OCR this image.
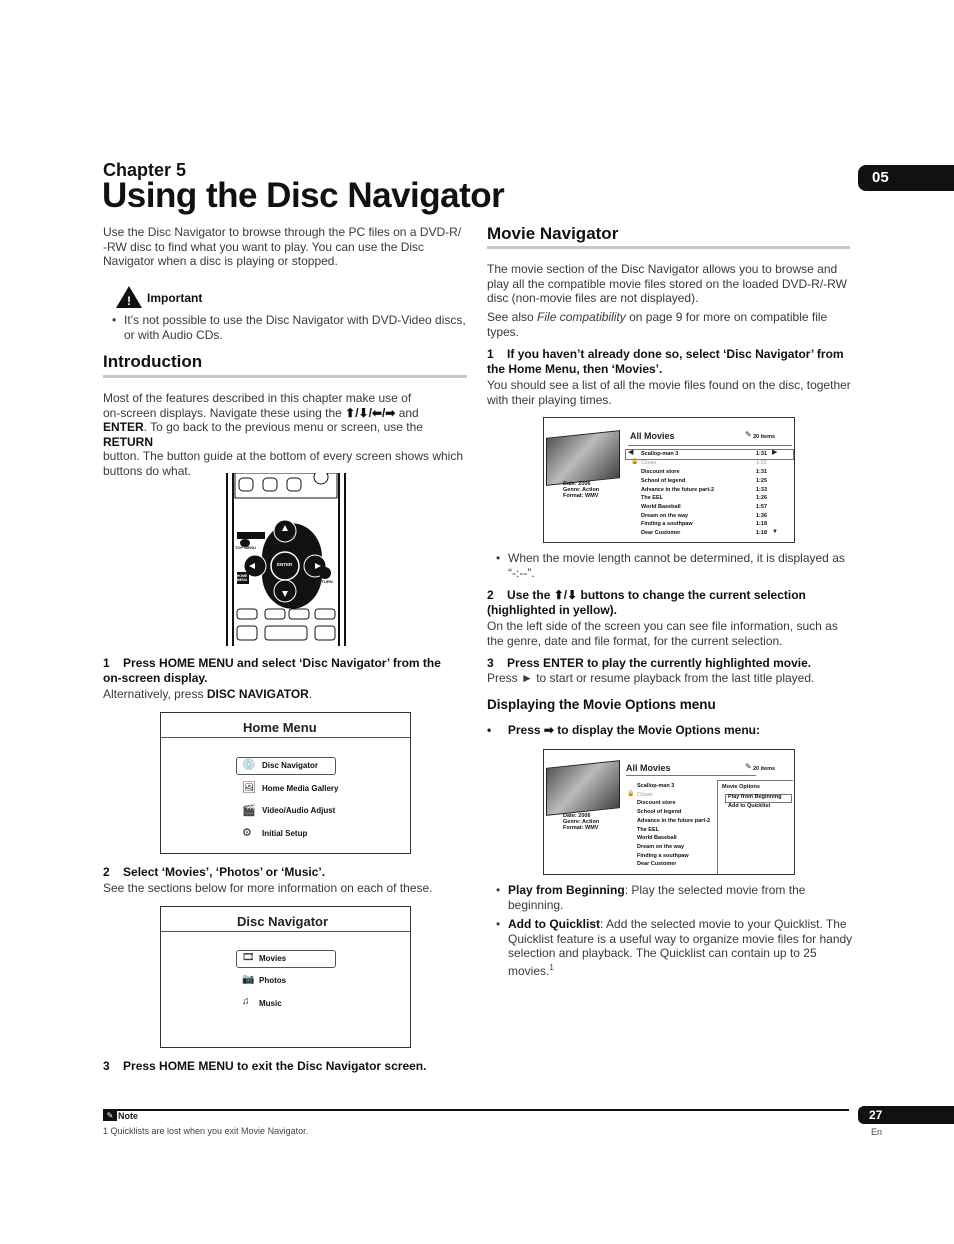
Chapter 5
Using the Disc Navigator	05
Use the Disc Navigator to browse through the PC files on a DVD-R/
-RW disc to find what you want to play. You can use the Disc
Navigator when a disc is playing or stopped.
! Important
• It’s not possible to use the Disc Navigator with DVD-Video discs,
or with Audio CDs.
Introduction
Most of the features described in this chapter make use of
on-screen displays. Navigate these using the ⬆/⬇/⬅/➡ and
ENTER. To go back to the previous menu or screen, use the RETURN
button. The button guide at the bottom of every screen shows which
buttons do what.
DISC NAVIGATOR
TOP MENU
HOME MENU
ENTER
RETURN
1 Press HOME MENU and select ‘Disc Navigator’ from the
on-screen display.
Alternatively, press DISC NAVIGATOR.
Home Menu
💿 Disc Navigator
🖼 Home Media Gallery
🎬 Video/Audio Adjust
⚙ Initial Setup
2 Select ‘Movies’, ‘Photos’ or ‘Music’.
See the sections below for more information on each of these.
Disc Navigator
🎞 Movies
📷 Photos
♫ Music
3 Press HOME MENU to exit the Disc Navigator screen.
Movie Navigator
The movie section of the Disc Navigator allows you to browse and
play all the compatible movie files stored on the loaded DVD-R/-RW
disc (non-movie files are not displayed).
See also File compatibility on page 9 for more on compatible file
types.
1 If you haven’t already done so, select ‘Disc Navigator’ from
the Home Menu, then ‘Movies’.
You should see a list of all the movie files found on the disc, together
with their playing times.
Date: 2006
Genre: Action
Format: WMV
All Movies	✎ 20 items
◀	▶
🔒
Scallop-man 3	1:31
Closer	1:02
Discount store	1:31
School of legend	1:25
Advance in the future part-2	1:33
The EEL	1:26
World Baseball	1:57
Dream on the way	1:36
Finding a southpaw	1:18
Dear Customer	1:18 ▼
• When the movie length cannot be determined, it is displayed as
“-:--”.
2 Use the ⬆/⬇ buttons to change the current selection
(highlighted in yellow).
On the left side of the screen you can see file information, such as
the genre, date and file format, for the current selection.
3 Press ENTER to play the currently highlighted movie.
Press ► to start or resume playback from the last title played.
Displaying the Movie Options menu
• Press ➡ to display the Movie Options menu:
Date: 2006
Genre: Action
Format: WMV
All Movies	✎ 20 items
🔒
Scallop-man 3
Closer
Discount store
School of legend
Advance in the future part-2
The EEL
World Baseball
Dream on the way
Finding a southpaw
Dear Customer
Movie Options
Play from Beginning
Add to Quicklist
• Play from Beginning: Play the selected movie from the
beginning.
• Add to Quicklist: Add the selected movie to your Quicklist. The
Quicklist feature is a useful way to organize movie files for handy
selection and playback. The Quicklist can contain up to 25 movies.$^1$
✎ Note
1 Quicklists are lost when you exit Movie Navigator.
27
En
